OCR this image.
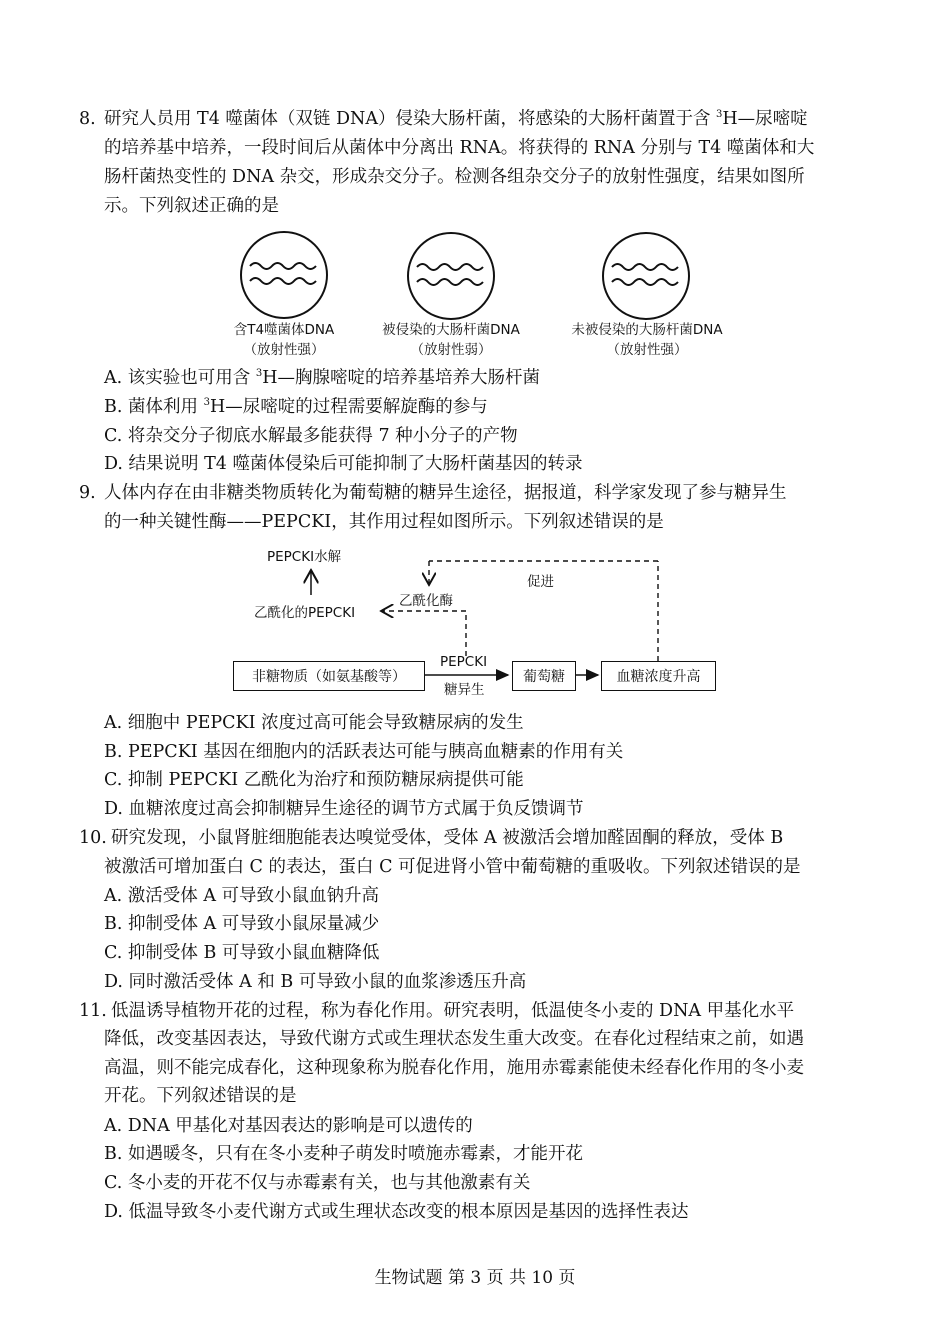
8. 研究人员用 T4 噬菌体（双链 DNA）侵染大肠杆菌，将感染的大肠杆菌置于含 $^3$H—尿嘧啶
的培养基中培养，一段时间后从菌体中分离出 RNA。将获得的 RNA 分别与 T4 噬菌体和大
肠杆菌热变性的 DNA 杂交，形成杂交分子。检测各组杂交分子的放射性强度，结果如图所
示。下列叙述正确的是
含T4噬菌体DNA
（放射性强）
被侵染的大肠杆菌DNA
（放射性弱）
未被侵染的大肠杆菌DNA
（放射性强）
A. 该实验也可用含 $^3$H—胸腺嘧啶的培养基培养大肠杆菌
B. 菌体利用 $^3$H—尿嘧啶的过程需要解旋酶的参与
C. 将杂交分子彻底水解最多能获得 7 种小分子的产物
D. 结果说明 T4 噬菌体侵染后可能抑制了大肠杆菌基因的转录
9. 人体内存在由非糖类物质转化为葡萄糖的糖异生途径，据报道，科学家发现了参与糖异生
的一种关键性酶——PEPCKI，其作用过程如图所示。下列叙述错误的是
PEPCKI水解
促进
乙酰化酶
乙酰化的PEPCKI
PEPCKI
糖异生
非糖物质（如氨基酸等）	葡萄糖	血糖浓度升高
A. 细胞中 PEPCKI 浓度过高可能会导致糖尿病的发生
B. PEPCKI 基因在细胞内的活跃表达可能与胰高血糖素的作用有关
C. 抑制 PEPCKI 乙酰化为治疗和预防糖尿病提供可能
D. 血糖浓度过高会抑制糖异生途径的调节方式属于负反馈调节
10. 研究发现，小鼠肾脏细胞能表达嗅觉受体，受体 A 被激活会增加醛固酮的释放，受体 B
被激活可增加蛋白 C 的表达，蛋白 C 可促进肾小管中葡萄糖的重吸收。下列叙述错误的是
A. 激活受体 A 可导致小鼠血钠升高
B. 抑制受体 A 可导致小鼠尿量减少
C. 抑制受体 B 可导致小鼠血糖降低
D. 同时激活受体 A 和 B 可导致小鼠的血浆渗透压升高
11. 低温诱导植物开花的过程，称为春化作用。研究表明，低温使冬小麦的 DNA 甲基化水平
降低，改变基因表达，导致代谢方式或生理状态发生重大改变。在春化过程结束之前，如遇
高温，则不能完成春化，这种现象称为脱春化作用，施用赤霉素能使未经春化作用的冬小麦
开花。下列叙述错误的是
A. DNA 甲基化对基因表达的影响是可以遗传的
B. 如遇暖冬，只有在冬小麦种子萌发时喷施赤霉素，才能开花
C. 冬小麦的开花不仅与赤霉素有关，也与其他激素有关
D. 低温导致冬小麦代谢方式或生理状态改变的根本原因是基因的选择性表达
生物试题 第 3 页 共 10 页
